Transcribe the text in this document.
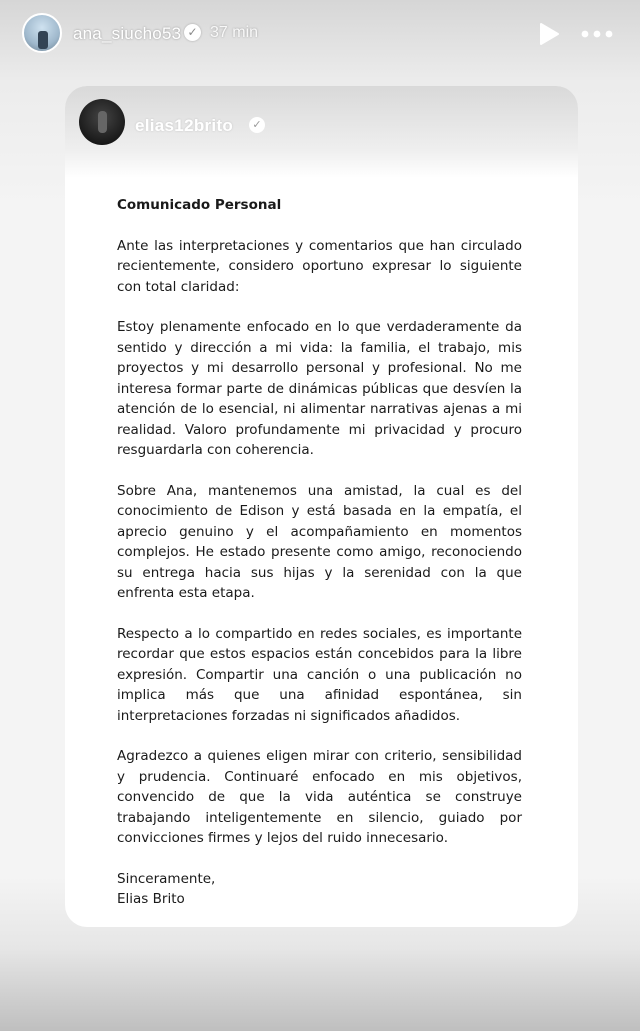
ana_siucho53 ✓ 37 min
elias12brito	✓

Comunicado Personal

Ante las interpretaciones y comentarios que han circulado recientemente, considero oportuno expresar lo siguiente con total claridad:

Estoy plenamente enfocado en lo que verdaderamente da sentido y dirección a mi vida: la familia, el trabajo, mis proyectos y mi desarrollo personal y profesional. No me interesa formar parte de dinámicas públicas que desvíen la atención de lo esencial, ni alimentar narrativas ajenas a mi realidad. Valoro profundamente mi privacidad y procuro resguardarla con coherencia.

Sobre Ana, mantenemos una amistad, la cual es del conocimiento de Edison y está basada en la empatía, el aprecio genuino y el acompañamiento en momentos complejos. He estado presente como amigo, reconociendo su entrega hacia sus hijas y la serenidad con la que enfrenta esta etapa.

Respecto a lo compartido en redes sociales, es importante recordar que estos espacios están concebidos para la libre expresión. Compartir una canción o una publicación no implica más que una afinidad espontánea, sin interpretaciones forzadas ni significados añadidos.

Agradezco a quienes eligen mirar con criterio, sensibilidad y prudencia. Continuaré enfocado en mis objetivos, convencido de que la vida auténtica se construye trabajando inteligentemente en silencio, guiado por convicciones firmes y lejos del ruido innecesario.

Sinceramente,

Elias Brito
